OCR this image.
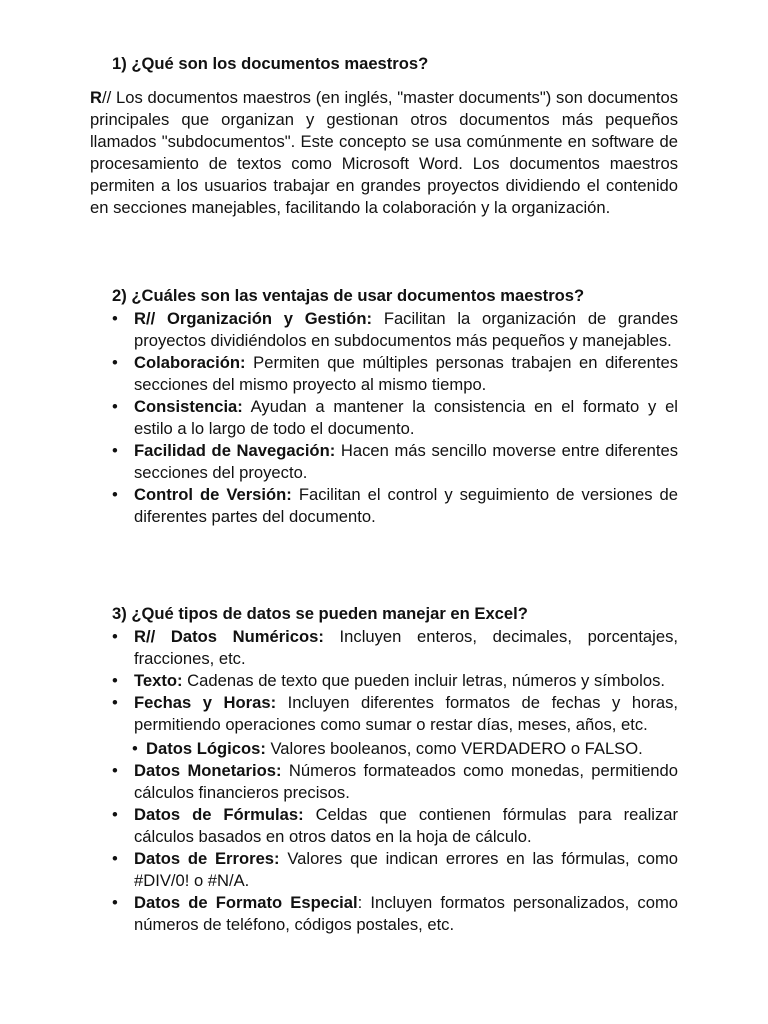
1) ¿Qué son los documentos maestros?

R// Los documentos maestros (en inglés, "master documents") son documentos principales que organizan y gestionan otros documentos más pequeños llamados "subdocumentos". Este concepto se usa comúnmente en software de procesamiento de textos como Microsoft Word. Los documentos maestros permiten a los usuarios trabajar en grandes proyectos dividiendo el contenido en secciones manejables, facilitando la colaboración y la organización.

2) ¿Cuáles son las ventajas de usar documentos maestros?
• R// Organización y Gestión: Facilitan la organización de grandes proyectos dividiéndolos en subdocumentos más pequeños y manejables.
• Colaboración: Permiten que múltiples personas trabajen en diferentes secciones del mismo proyecto al mismo tiempo.
• Consistencia: Ayudan a mantener la consistencia en el formato y el estilo a lo largo de todo el documento.
• Facilidad de Navegación: Hacen más sencillo moverse entre diferentes secciones del proyecto.
• Control de Versión: Facilitan el control y seguimiento de versiones de diferentes partes del documento.
3) ¿Qué tipos de datos se pueden manejar en Excel?
• R// Datos Numéricos: Incluyen enteros, decimales, porcentajes, fracciones, etc.
• Texto: Cadenas de texto que pueden incluir letras, números y símbolos.
• Fechas y Horas: Incluyen diferentes formatos de fechas y horas, permitiendo operaciones como sumar o restar días, meses, años, etc.
• Datos Lógicos: Valores booleanos, como VERDADERO o FALSO.
• Datos Monetarios: Números formateados como monedas, permitiendo cálculos financieros precisos.
• Datos de Fórmulas: Celdas que contienen fórmulas para realizar cálculos basados en otros datos en la hoja de cálculo.
• Datos de Errores: Valores que indican errores en las fórmulas, como #DIV/0! o #N/A.
• Datos de Formato Especial: Incluyen formatos personalizados, como números de teléfono, códigos postales, etc.
